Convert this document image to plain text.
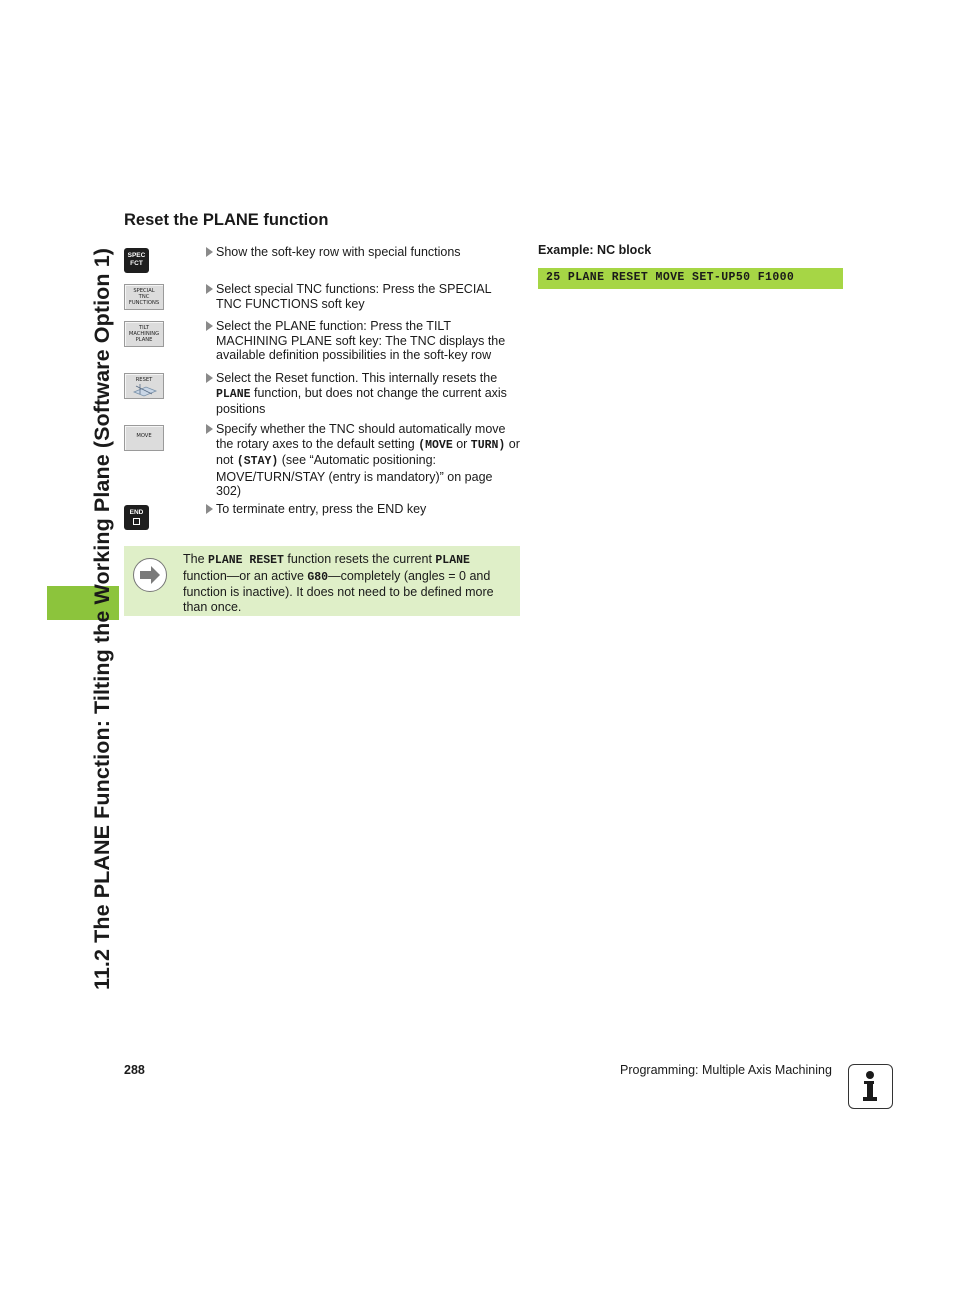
11.2 The PLANE Function: Tilting the Working Plane (Software Option 1)
Reset the PLANE function
SPEC
FCT
Show the soft-key row with special functions
SPECIAL
TNC
FUNCTIONS
Select special TNC functions: Press the SPECIAL TNC FUNCTIONS soft key
TILT
MACHINING
PLANE
Select the PLANE function: Press the TILT MACHINING PLANE soft key: The TNC displays the available definition possibilities in the soft-key row
RESET	Select the Reset function. This internally resets the PLANE function, but does not change the current axis positions
MOVE	Specify whether the TNC should automatically move the rotary axes to the default setting (MOVE or TURN) or not (STAY) (see “Automatic positioning: MOVE/TURN/STAY (entry is mandatory)” on page 302)
END	To terminate entry, press the END key
The PLANE RESET function resets the current PLANE function—or an active G80—completely (angles = 0 and function is inactive). It does not need to be defined more than once.
Example: NC block
25 PLANE RESET MOVE SET-UP50 F1000
288	Programming: Multiple Axis Machining
